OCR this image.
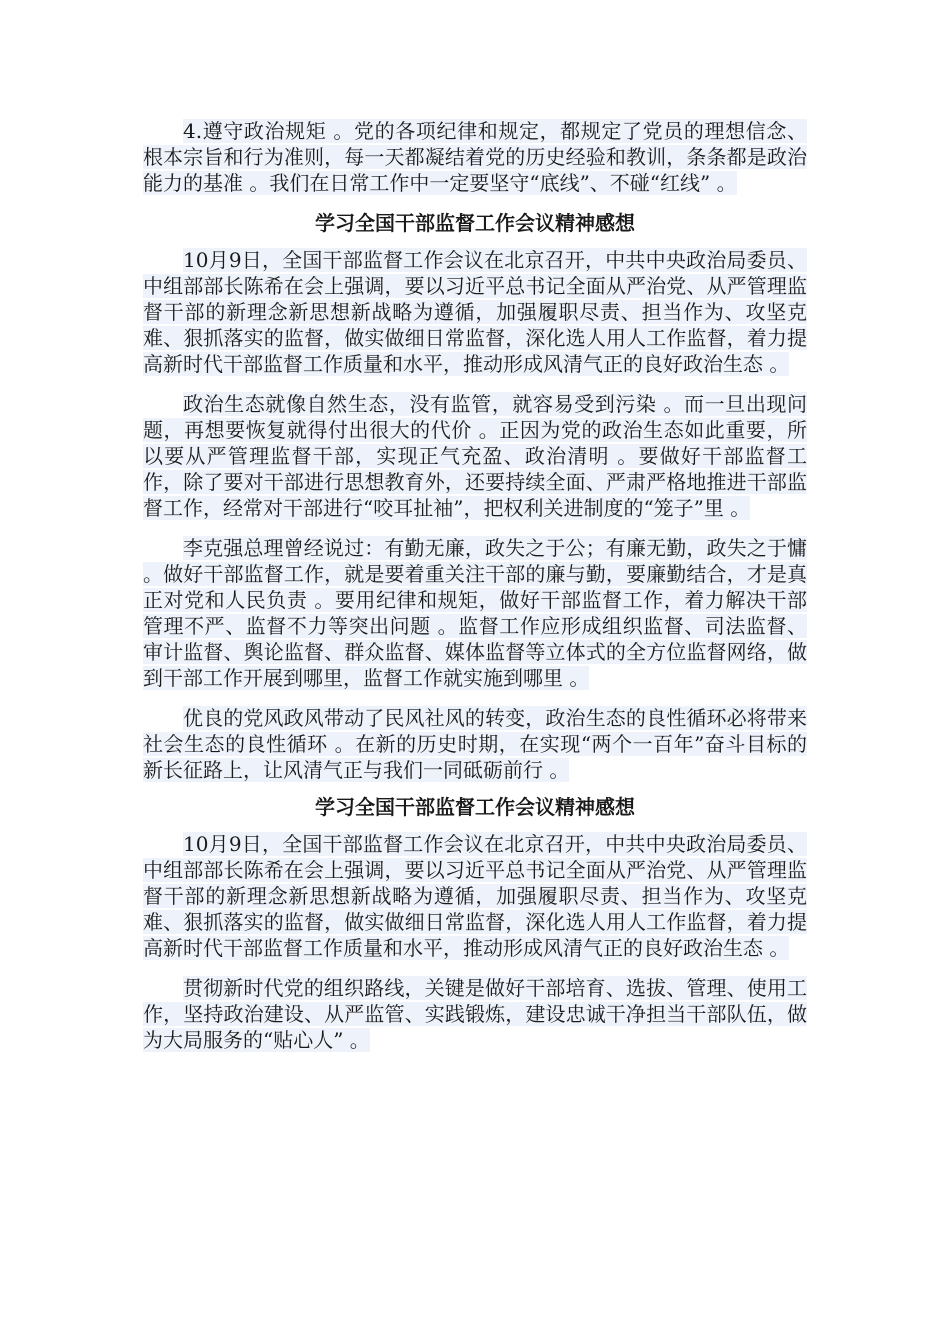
4.遵守政治规矩 。党的各项纪律和规定，都规定了党员的理想信念、根本宗旨和行为准则，每一天都凝结着党的历史经验和教训，条条都是政治能力的基准 。我们在日常工作中一定要坚守“底线”、不碰“红线” 。

学习全国干部监督工作会议精神感想

10月9日，全国干部监督工作会议在北京召开，中共中央政治局委员、中组部部长陈希在会上强调，要以习近平总书记全面从严治党、从严管理监督干部的新理念新思想新战略为遵循，加强履职尽责、担当作为、攻坚克难、狠抓落实的监督，做实做细日常监督，深化选人用人工作监督，着力提高新时代干部监督工作质量和水平，推动形成风清气正的良好政治生态 。

政治生态就像自然生态，没有监管，就容易受到污染 。而一旦出现问题，再想要恢复就得付出很大的代价 。正因为党的政治生态如此重要，所以要从严管理监督干部，实现正气充盈、政治清明 。要做好干部监督工作，除了要对干部进行思想教育外，还要持续全面、严肃严格地推进干部监督工作，经常对干部进行“咬耳扯袖”，把权利关进制度的“笼子”里 。

李克强总理曾经说过：有勤无廉，政失之于公；有廉无勤，政失之于慵 。做好干部监督工作，就是要着重关注干部的廉与勤，要廉勤结合，才是真正对党和人民负责 。要用纪律和规矩，做好干部监督工作，着力解决干部管理不严、监督不力等突出问题 。监督工作应形成组织监督、司法监督、审计监督、舆论监督、群众监督、媒体监督等立体式的全方位监督网络，做到干部工作开展到哪里，监督工作就实施到哪里 。

优良的党风政风带动了民风社风的转变，政治生态的良性循环必将带来社会生态的良性循环 。在新的历史时期，在实现“两个一百年”奋斗目标的新长征路上，让风清气正与我们一同砥砺前行 。

学习全国干部监督工作会议精神感想

10月9日，全国干部监督工作会议在北京召开，中共中央政治局委员、中组部部长陈希在会上强调，要以习近平总书记全面从严治党、从严管理监督干部的新理念新思想新战略为遵循，加强履职尽责、担当作为、攻坚克难、狠抓落实的监督，做实做细日常监督，深化选人用人工作监督，着力提高新时代干部监督工作质量和水平，推动形成风清气正的良好政治生态 。

贯彻新时代党的组织路线，关键是做好干部培育、选拔、管理、使用工作，坚持政治建设、从严监管、实践锻炼，建设忠诚干净担当干部队伍，做为大局服务的“贴心人” 。
